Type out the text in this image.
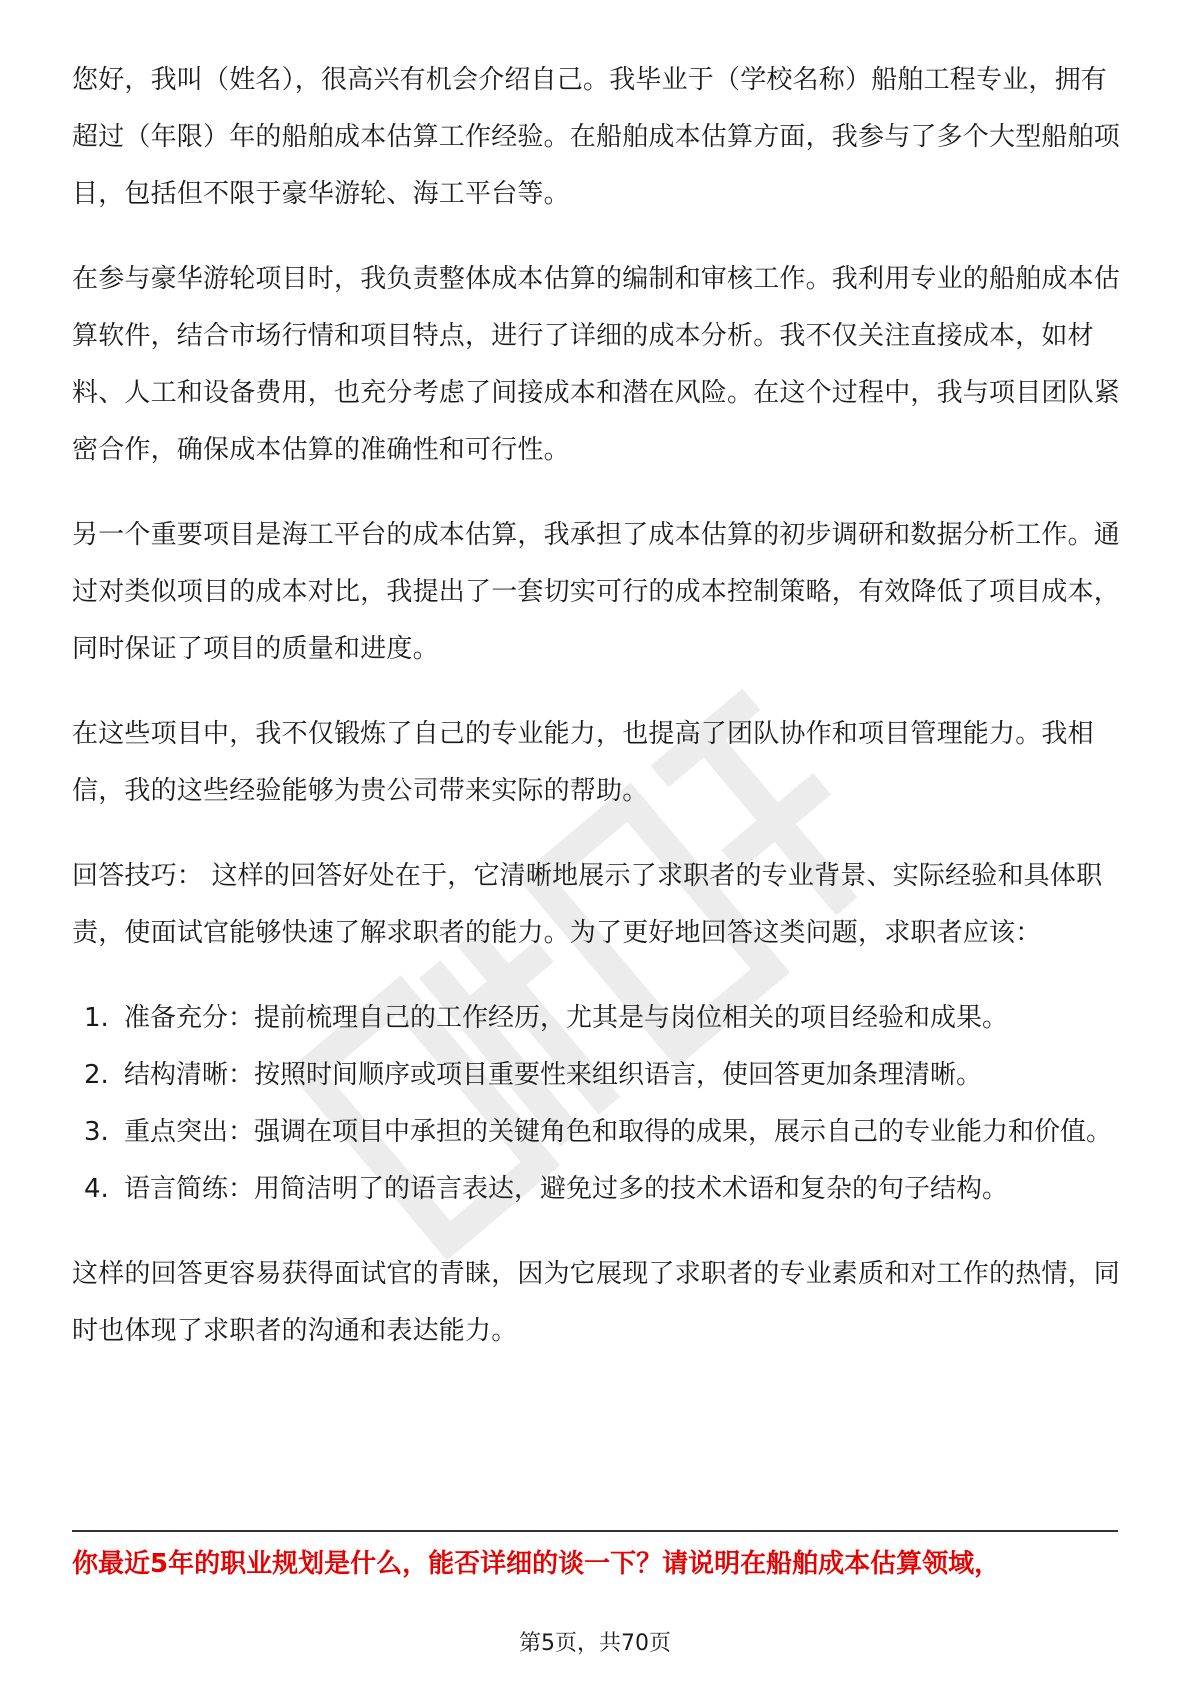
您好，我叫（姓名），很高兴有机会介绍自己。我毕业于（学校名称）船舶工程专业，拥有超过（年限）年的船舶成本估算工作经验。在船舶成本估算方面，我参与了多个大型船舶项目，包括但不限于豪华游轮、海工平台等。

在参与豪华游轮项目时，我负责整体成本估算的编制和审核工作。我利用专业的船舶成本估算软件，结合市场行情和项目特点，进行了详细的成本分析。我不仅关注直接成本，如材料、人工和设备费用，也充分考虑了间接成本和潜在风险。在这个过程中，我与项目团队紧密合作，确保成本估算的准确性和可行性。

另一个重要项目是海工平台的成本估算，我承担了成本估算的初步调研和数据分析工作。通过对类似项目的成本对比，我提出了一套切实可行的成本控制策略，有效降低了项目成本，同时保证了项目的质量和进度。

在这些项目中，我不仅锻炼了自己的专业能力，也提高了团队协作和项目管理能力。我相信，我的这些经验能够为贵公司带来实际的帮助。

回答技巧： 这样的回答好处在于，它清晰地展示了求职者的专业背景、实际经验和具体职责，使面试官能够快速了解求职者的能力。为了更好地回答这类问题，求职者应该：

1. 准备充分：提前梳理自己的工作经历，尤其是与岗位相关的项目经验和成果。
2. 结构清晰：按照时间顺序或项目重要性来组织语言，使回答更加条理清晰。
3. 重点突出：强调在项目中承担的关键角色和取得的成果，展示自己的专业能力和价值。
4. 语言简练：用简洁明了的语言表达，避免过多的技术术语和复杂的句子结构。

这样的回答更容易获得面试官的青睐，因为它展现了求职者的专业素质和对工作的热情，同时也体现了求职者的沟通和表达能力。

你最近5年的职业规划是什么，能否详细的谈一下？请说明在船舶成本估算领域，
第5页，共70页
